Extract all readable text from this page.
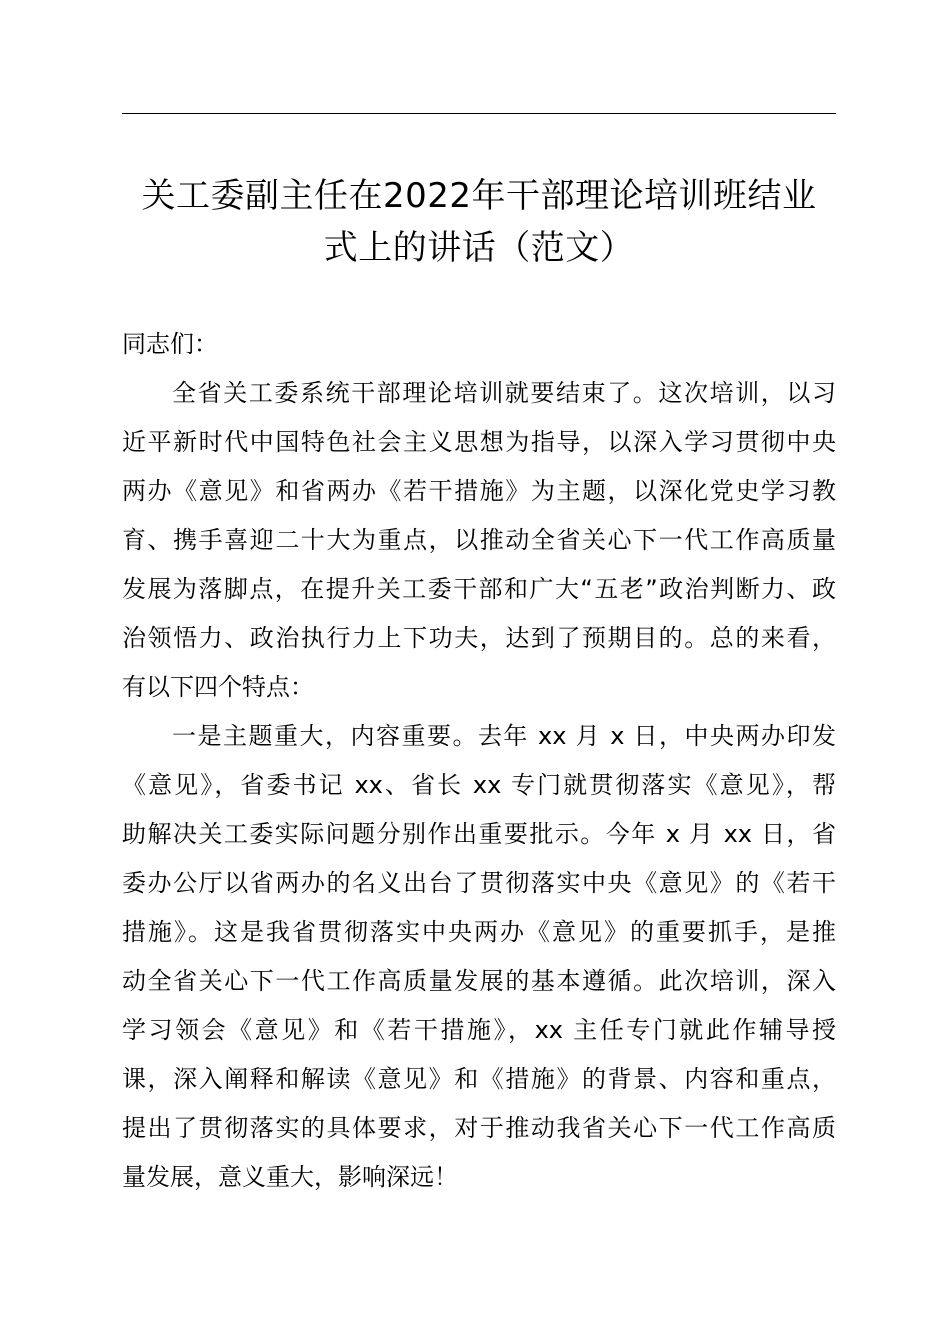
关工委副主任在2022年干部理论培训班结业
式上的讲话（范文）
同志们：
全省关工委系统干部理论培训就要结束了。这次培训，以习
近平新时代中国特色社会主义思想为指导，以深入学习贯彻中央
两办《意见》和省两办《若干措施》为主题，以深化党史学习教
育、携手喜迎二十大为重点，以推动全省关心下一代工作高质量
发展为落脚点，在提升关工委干部和广大“五老”政治判断力、政
治领悟力、政治执行力上下功夫，达到了预期目的。总的来看，
有以下四个特点：
一是主题重大，内容重要。去年 xx 月 x 日，中央两办印发
《意见》，省委书记 xx、省长 xx 专门就贯彻落实《意见》，帮
助解决关工委实际问题分别作出重要批示。今年 x 月 xx 日，省
委办公厅以省两办的名义出台了贯彻落实中央《意见》的《若干
措施》。这是我省贯彻落实中央两办《意见》的重要抓手，是推
动全省关心下一代工作高质量发展的基本遵循。此次培训，深入
学习领会《意见》和《若干措施》，xx 主任专门就此作辅导授
课，深入阐释和解读《意见》和《措施》的背景、内容和重点，
提出了贯彻落实的具体要求，对于推动我省关心下一代工作高质
量发展，意义重大，影响深远！
